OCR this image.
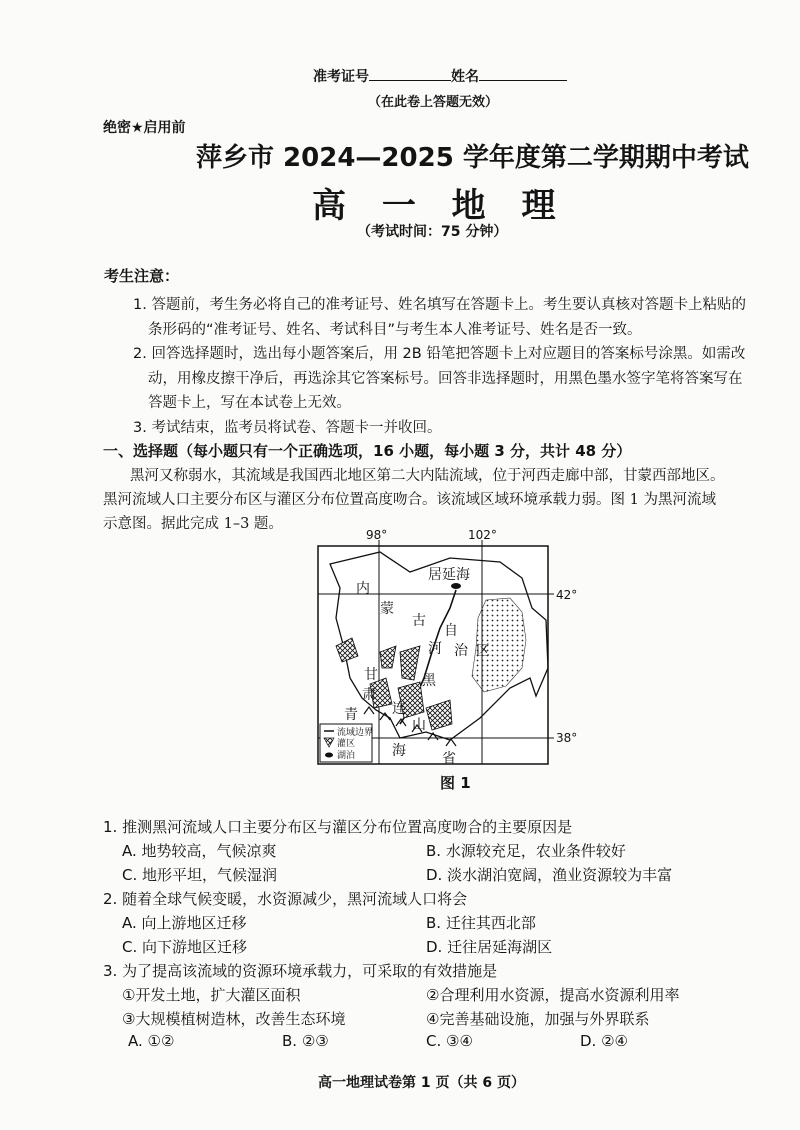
准考证号	姓名
（在此卷上答题无效）
绝密★启用前
萍乡市 2024—2025 学年度第二学期期中考试
高 一 地 理
（考试时间：75 分钟）
考生注意：
1. 答题前，考生务必将自己的准考证号、姓名填写在答题卡上。考生要认真核对答题卡上粘贴的
条形码的“准考证号、姓名、考试科目”与考生本人准考证号、姓名是否一致。
2. 回答选择题时，选出每小题答案后，用 2B 铅笔把答题卡上对应题目的答案标号涂黑。如需改
动，用橡皮擦干净后，再选涂其它答案标号。回答非选择题时，用黑色墨水签字笔将答案写在
答题卡上，写在本试卷上无效。
3. 考试结束，监考员将试卷、答题卡一并收回。
一、选择题（每小题只有一个正确选项，16 小题，每小题 3 分，共计 48 分）
黑河又称弱水，其流域是我国西北地区第二大内陆流域，位于河西走廊中部，甘蒙西部地区。
黑河流域人口主要分布区与灌区分布位置高度吻合。该流域区域环境承载力弱。图 1 为黑河流域
示意图。据此完成 1–3 题。
98°	102°
42°
38°
居延海
内
蒙
古
自
治 区
河
黑
甘
肃
连
山
青
海	省
流域边界
灌区
湖泊
图 1
1. 推测黑河流域人口主要分布区与灌区分布位置高度吻合的主要原因是
A. 地势较高，气候凉爽	B. 水源较充足，农业条件较好
C. 地形平坦，气候湿润	D. 淡水湖泊宽阔，渔业资源较为丰富
2. 随着全球气候变暖，水资源减少，黑河流域人口将会
A. 向上游地区迁移	B. 迁往其西北部
C. 向下游地区迁移	D. 迁往居延海湖区
3. 为了提高该流域的资源环境承载力，可采取的有效措施是
①开发土地，扩大灌区面积	②合理利用水资源，提高水资源利用率
③大规模植树造林，改善生态环境	④完善基础设施，加强与外界联系
A. ①②	B. ②③	C. ③④	D. ②④
高一地理试卷第 1 页（共 6 页）
